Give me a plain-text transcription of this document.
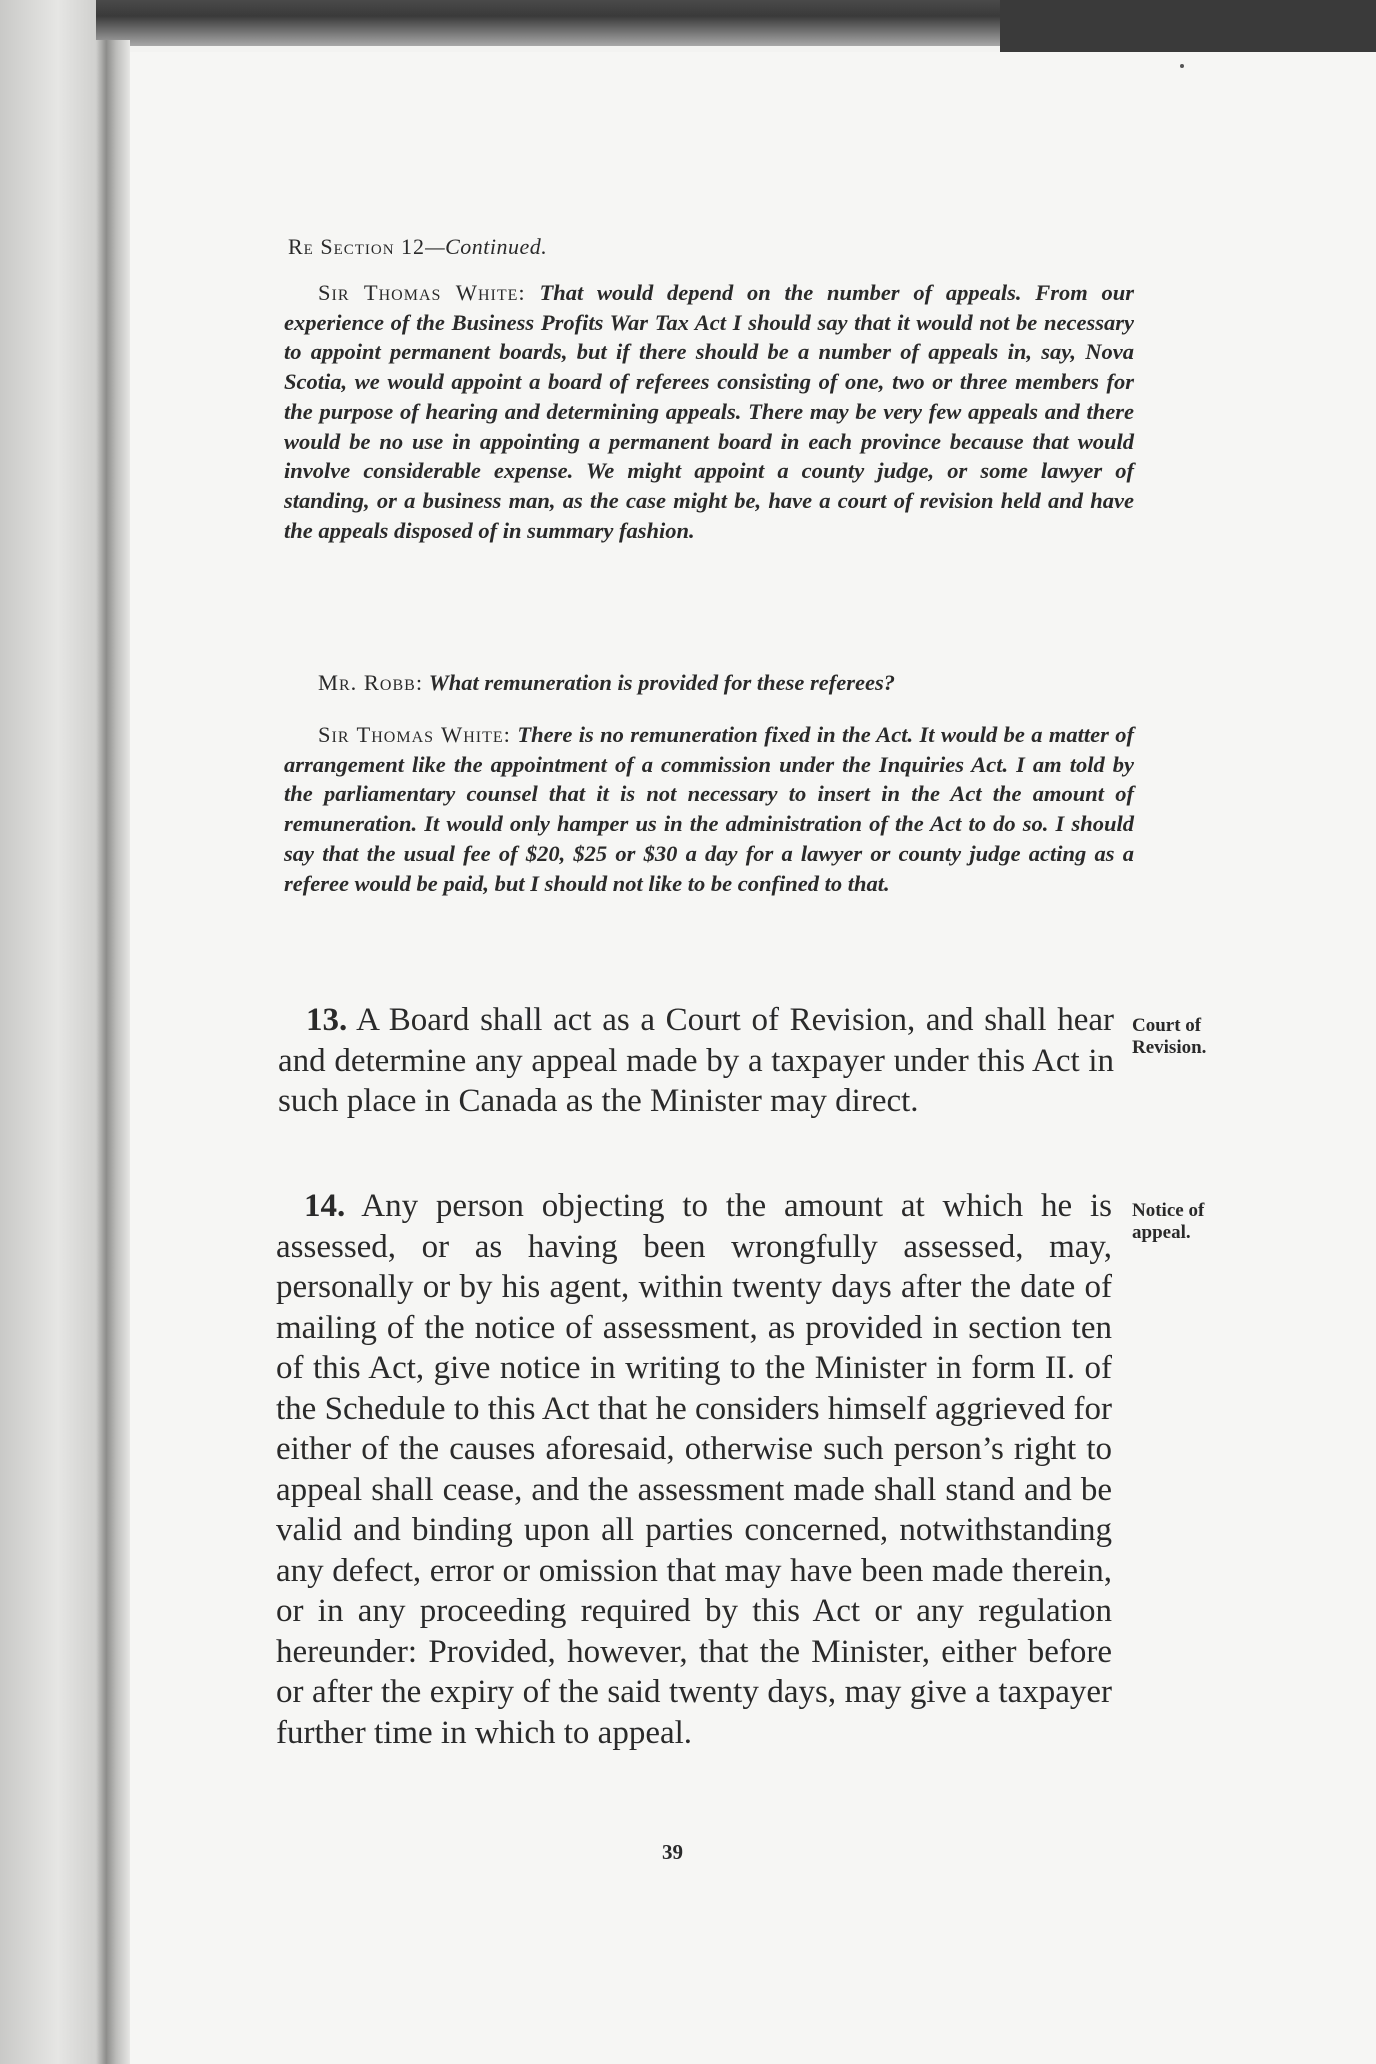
Re Section 12—Continued.

Sir Thomas White: That would depend on the number of appeals. From our experience of the Business Profits War Tax Act I should say that it would not be necessary to appoint permanent boards, but if there should be a number of appeals in, say, Nova Scotia, we would appoint a board of referees consisting of one, two or three members for the purpose of hearing and determining appeals. There may be very few appeals and there would be no use in appointing a permanent board in each province because that would involve considerable expense. We might appoint a county judge, or some lawyer of standing, or a business man, as the case might be, have a court of revision held and have the appeals disposed of in summary fashion.

Mr. Robb: What remuneration is provided for these referees?

Sir Thomas White: There is no remuneration fixed in the Act. It would be a matter of arrangement like the appointment of a commission under the Inquiries Act. I am told by the parliamentary counsel that it is not necessary to insert in the Act the amount of remuneration. It would only hamper us in the administration of the Act to do so. I should say that the usual fee of $20, $25 or $30 a day for a lawyer or county judge acting as a referee would be paid, but I should not like to be confined to that.

13. A Board shall act as a Court of Revision, and shall hear and determine any appeal made by a taxpayer under this Act in such place in Canada as the Minister may direct.

Court of Revision.

14. Any person objecting to the amount at which he is assessed, or as having been wrongfully assessed, may, personally or by his agent, within twenty days after the date of mailing of the notice of assessment, as provided in section ten of this Act, give notice in writing to the Minister in form II. of the Schedule to this Act that he considers himself aggrieved for either of the causes aforesaid, otherwise such person’s right to appeal shall cease, and the assessment made shall stand and be valid and binding upon all parties concerned, notwithstanding any defect, error or omission that may have been made therein, or in any proceeding required by this Act or any regulation hereunder: Provided, however, that the Minister, either before or after the expiry of the said twenty days, may give a taxpayer further time in which to appeal.

Notice of appeal.
39
